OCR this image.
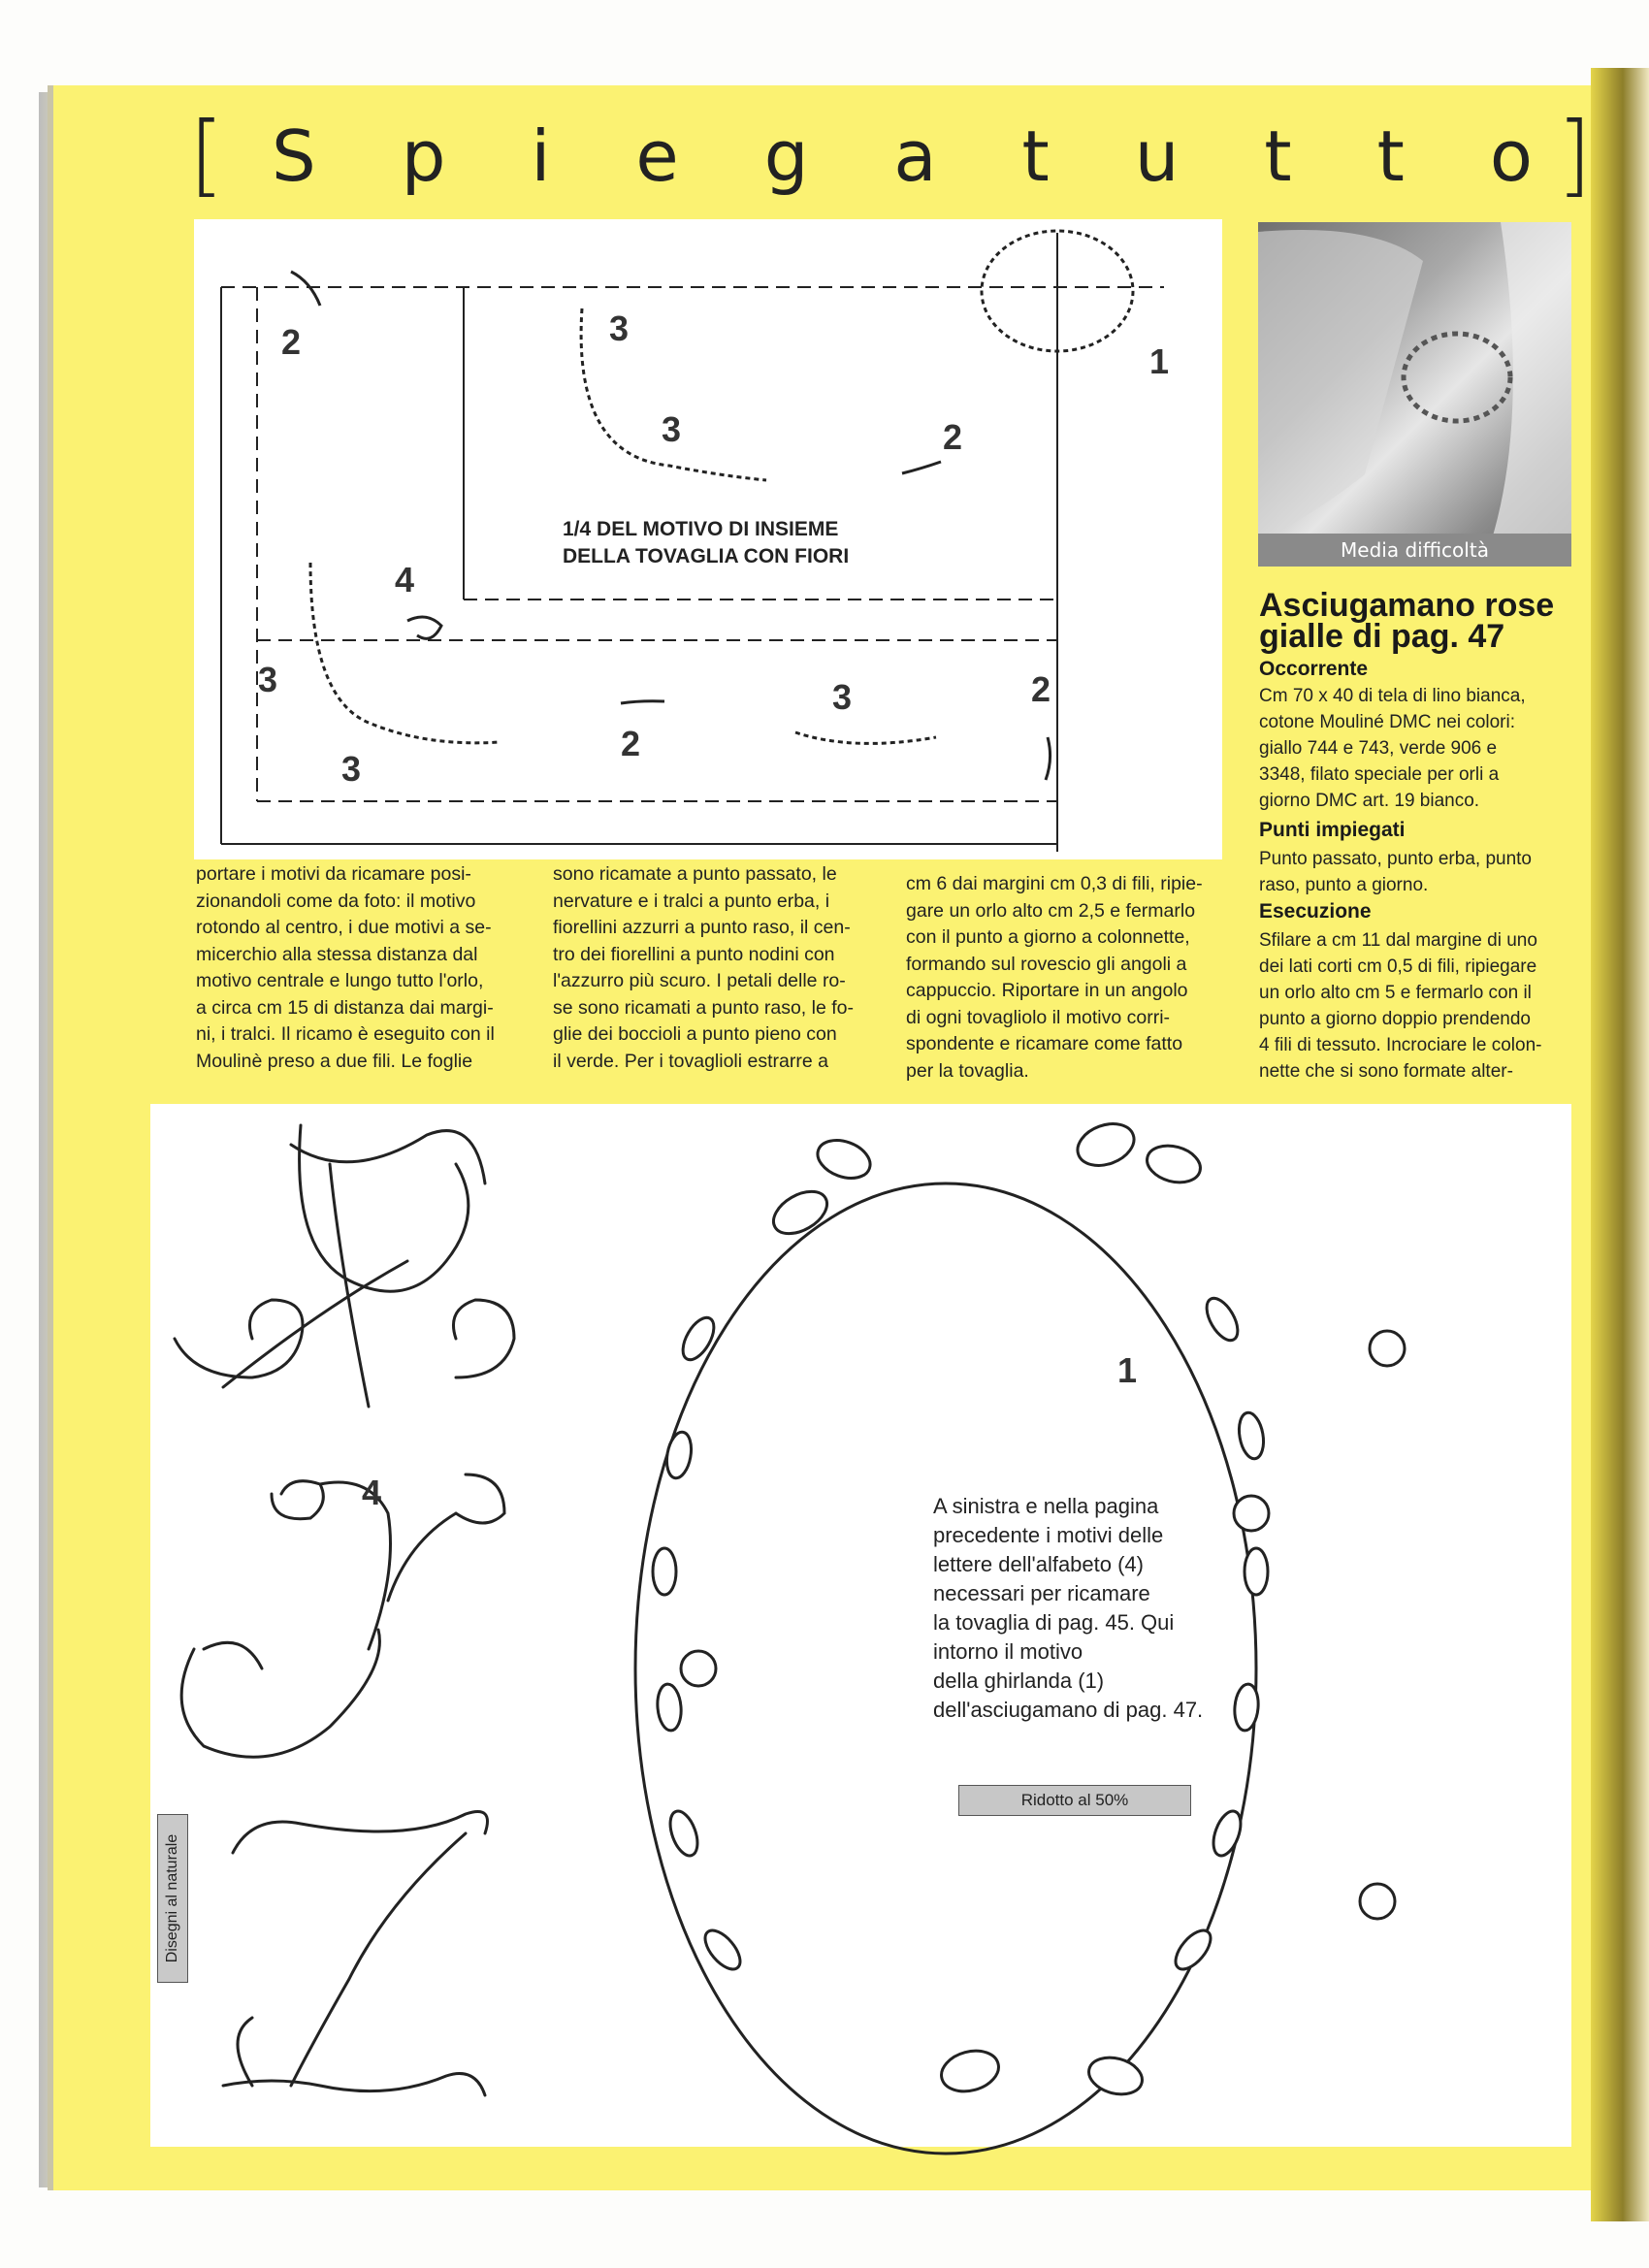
[ S p i e g a t u t t o ]
2	3
3	2
1
4
3
3
2
3	2
1/4 DEL MOTIVO DI INSIEME
DELLA TOVAGLIA CON FIORI	Media difficoltà
Asciugamano rose
gialle di pag. 47
Occorrente
Cm 70 x 40 di tela di lino bianca,
cotone Mouliné DMC nei colori:
giallo 744 e 743, verde 906 e
3348, filato speciale per orli a
giorno DMC art. 19 bianco.
Punti impiegati
Punto passato, punto erba, punto
raso, punto a giorno.
Esecuzione
Sfilare a cm 11 dal margine di uno
dei lati corti cm 0,5 di fili, ripiegare
un orlo alto cm 5 e fermarlo con il
punto a giorno doppio prendendo
4 fili di tessuto. Incrociare le colon-
nette che si sono formate alter-
portare i motivi da ricamare posi-
zionandoli come da foto: il motivo
rotondo al centro, i due motivi a se-
micerchio alla stessa distanza dal
motivo centrale e lungo tutto l'orlo,
a circa cm 15 di distanza dai margi-
ni, i tralci. Il ricamo è eseguito con il
Moulinè preso a due fili. Le foglie
sono ricamate a punto passato, le
nervature e i tralci a punto erba, i
fiorellini azzurri a punto raso, il cen-
tro dei fiorellini a punto nodini con
l'azzurro più scuro. I petali delle ro-
se sono ricamati a punto raso, le fo-
glie dei boccioli a punto pieno con
il verde. Per i tovaglioli estrarre a
cm 6 dai margini cm 0,3 di fili, ripie-
gare un orlo alto cm 2,5 e fermarlo
con il punto a giorno a colonnette,
formando sul rovescio gli angoli a
cappuccio. Riportare in un angolo
di ogni tovagliolo il motivo corri-
spondente e ricamare come fatto
per la tovaglia.
4
1
A sinistra e nella pagina
precedente i motivi delle
lettere dell'alfabeto (4)
necessari per ricamare
la tovaglia di pag. 45. Qui
intorno il motivo
della ghirlanda (1)
dell'asciugamano di pag. 47.
Ridotto al 50%
Disegni al naturale
